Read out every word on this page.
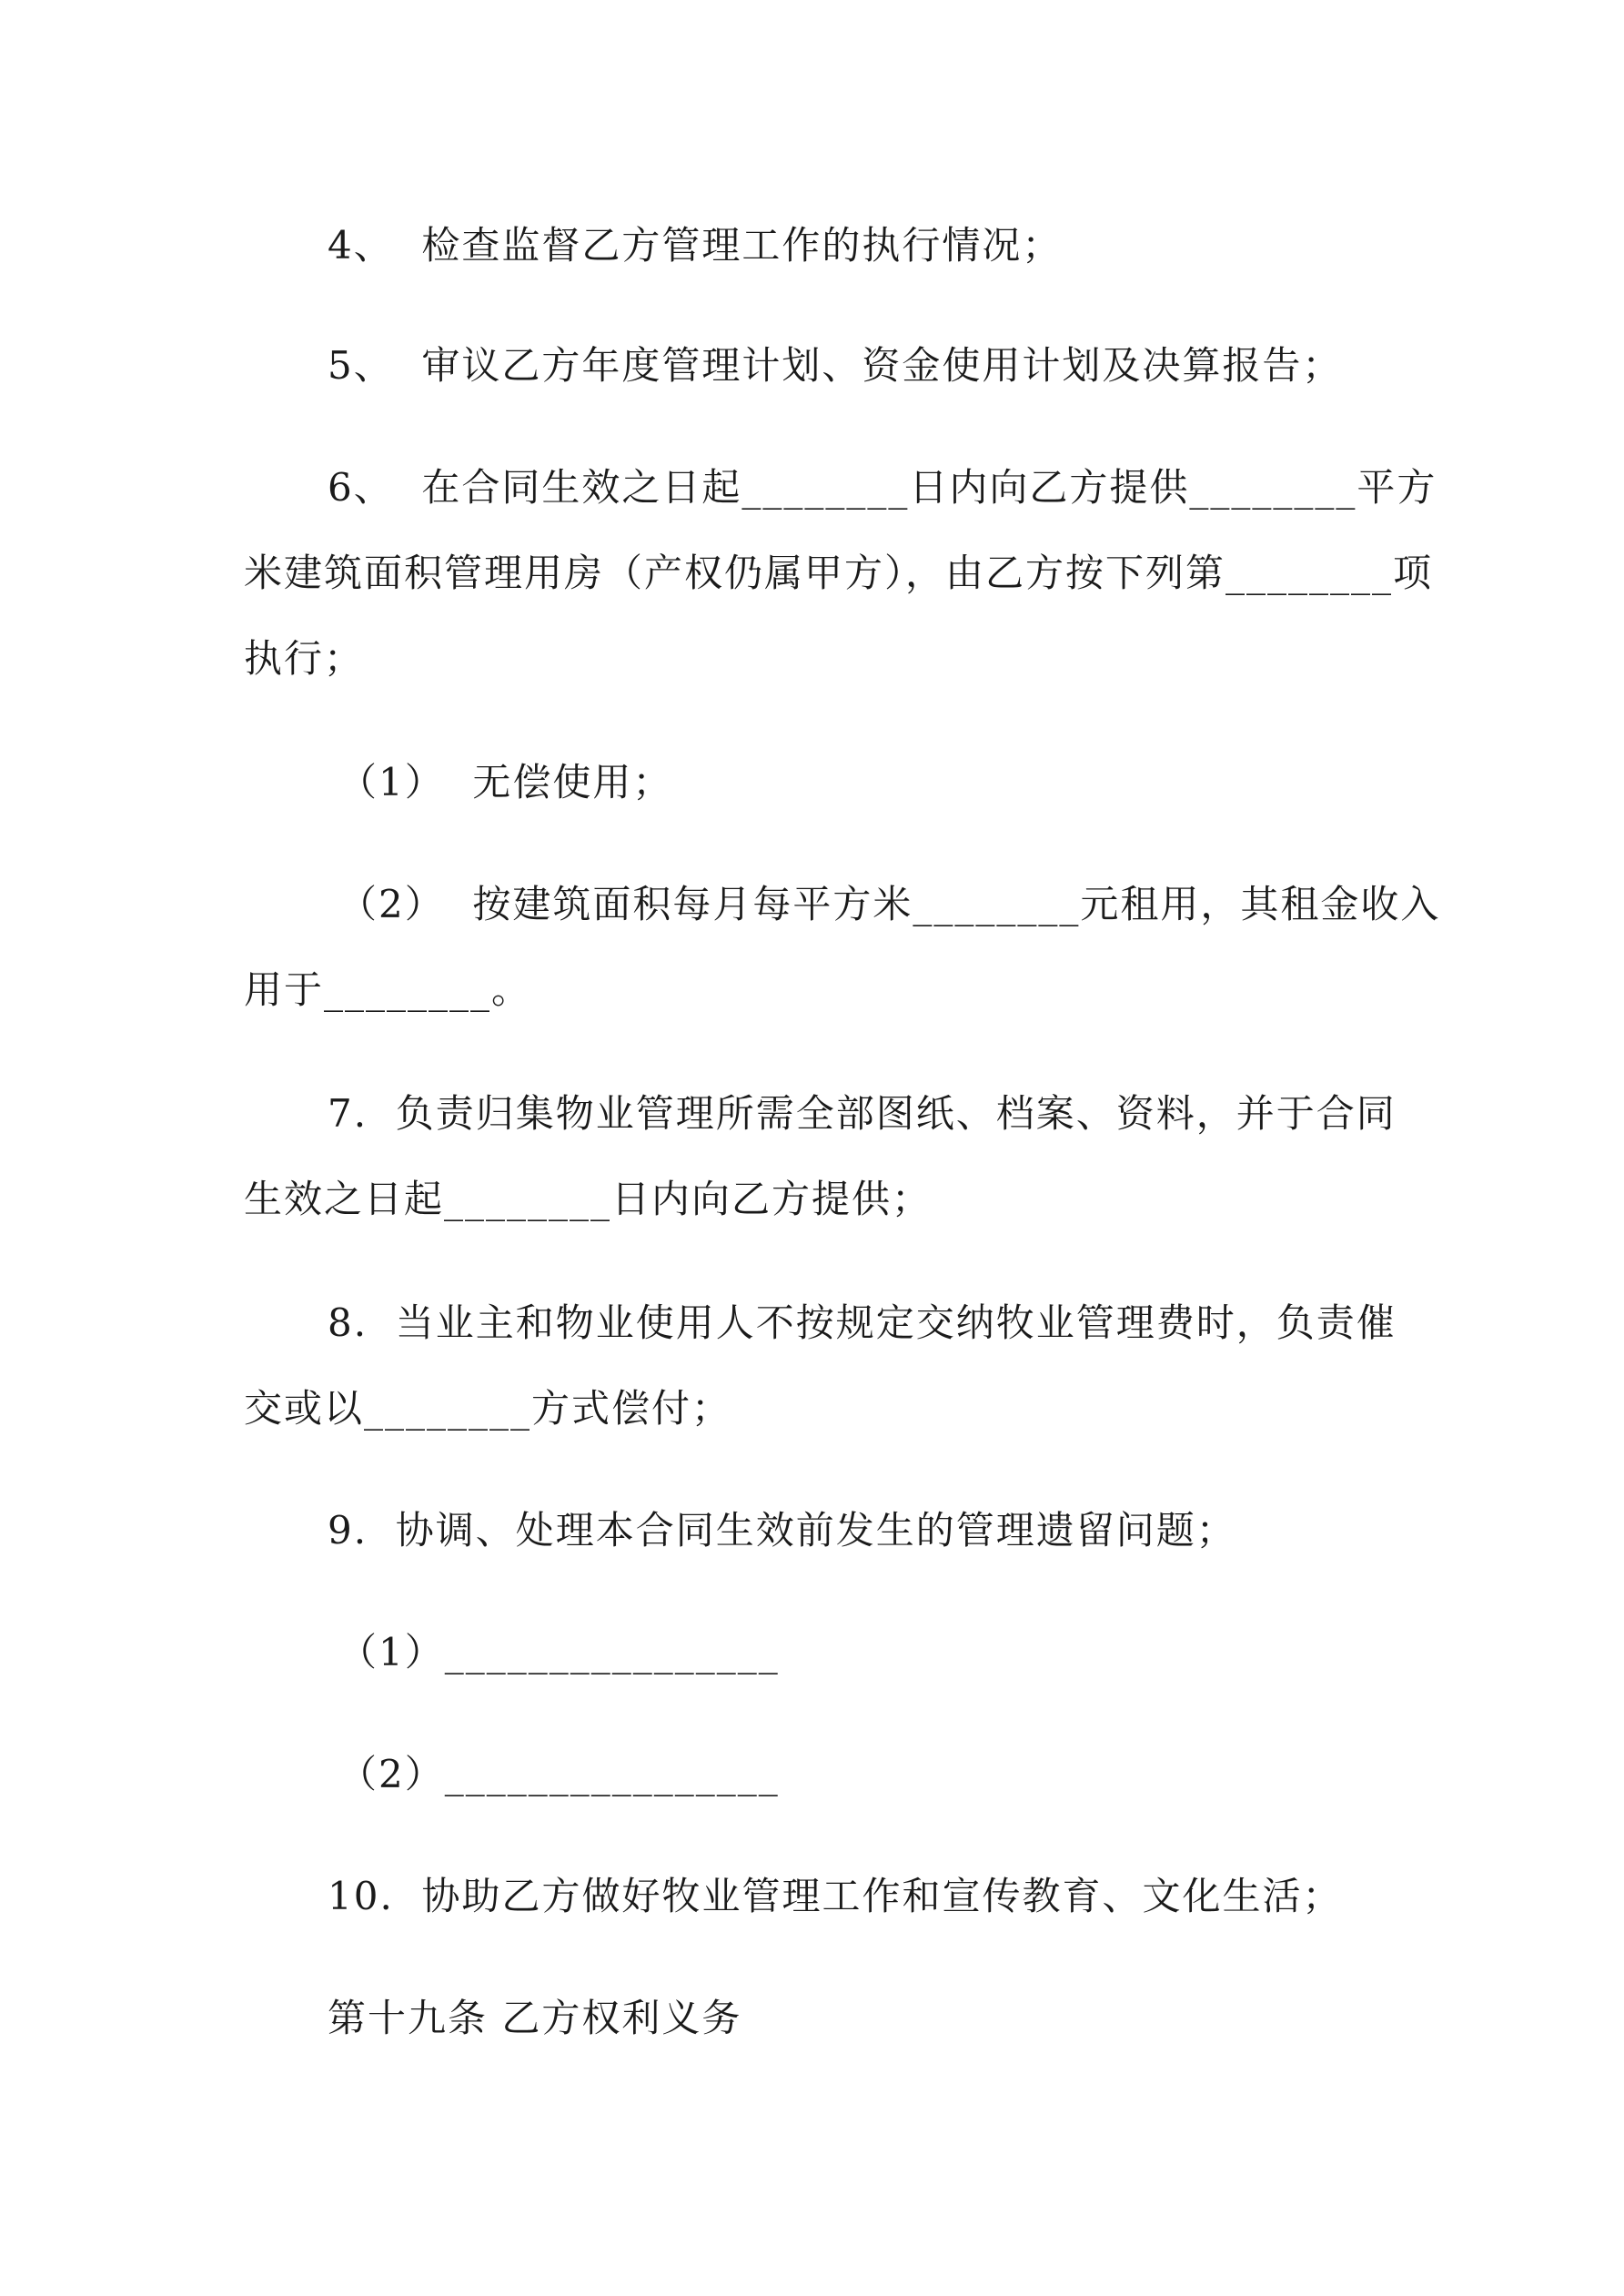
4、  检查监督乙方管理工作的执行情况；
5、  审议乙方年度管理计划、资金使用计划及决算报告；
6、  在合同生效之日起________日内向乙方提供________平方
米建筑面积管理用房（产权仍属甲方），由乙方按下列第________项
执行；
（1）  无偿使用；
（2）  按建筑面积每月每平方米________元租用，其租金收入
用于________。
7.  负责归集物业管理所需全部图纸、档案、资料，并于合同
生效之日起________日内向乙方提供；
8.  当业主和物业使用人不按规定交纳牧业管理费时，负责催
交或以________方式偿付；
9.  协调、处理本合同生效前发生的管理遗留问题；
（1）________________
（2）________________
10.  协助乙方做好牧业管理工作和宣传教育、文化生活；
第十九条 乙方权利义务
